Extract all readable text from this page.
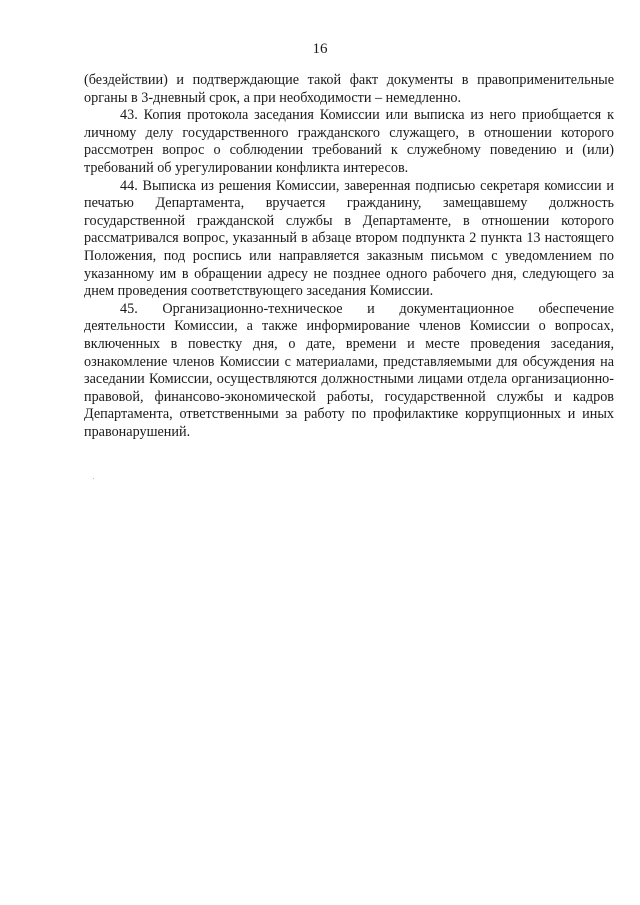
16

(бездействии) и подтверждающие такой факт документы в правоприменительные органы в 3-дневный срок, а при необходимости – немедленно.

43. Копия протокола заседания Комиссии или выписка из него приобщается к личному делу государственного гражданского служащего, в отношении которого рассмотрен вопрос о соблюдении требований к служебному поведению и (или) требований об урегулировании конфликта интересов.

44. Выписка из решения Комиссии, заверенная подписью секретаря комиссии и печатью Департамента, вручается гражданину, замещавшему должность государственной гражданской службы в Департаменте, в отношении которого рассматривался вопрос, указанный в абзаце втором подпункта 2 пункта 13 настоящего Положения, под роспись или направляется заказным письмом с уведомлением по указанному им в обращении адресу не позднее одного рабочего дня, следующего за днем проведения соответствующего заседания Комиссии.

45. Организационно-техническое и документационное обеспечение деятельности Комиссии, а также информирование членов Комиссии о вопросах, включенных в повестку дня, о дате, времени и месте проведения заседания, ознакомление членов Комиссии с материалами, представляемыми для обсуждения на заседании Комиссии, осуществляются должностными лицами отдела организационно-правовой, финансово-экономической работы, государственной службы и кадров Департамента, ответственными за работу по профилактике коррупционных и иных правонарушений.
